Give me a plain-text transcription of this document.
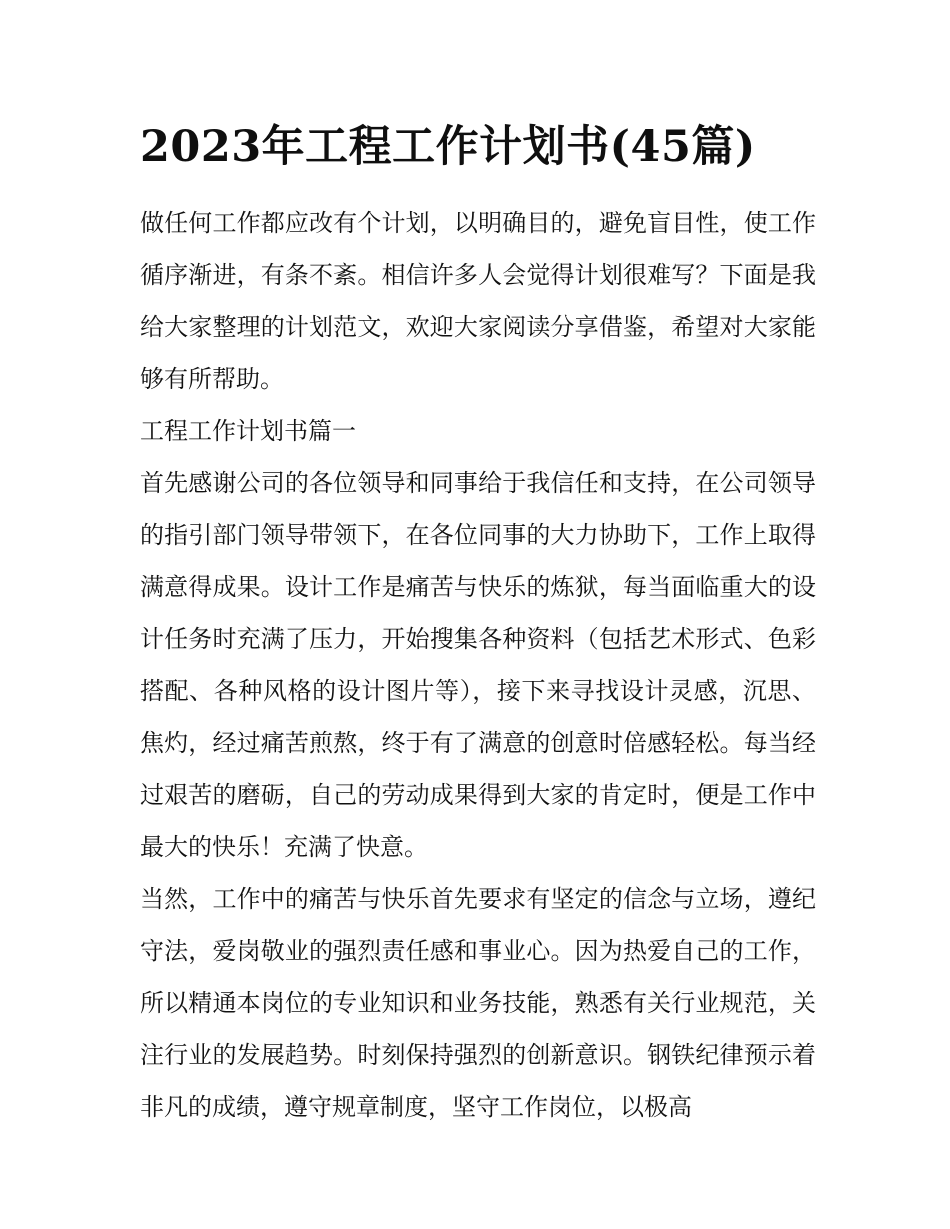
2023年工程工作计划书(45篇)

做任何工作都应改有个计划，以明确目的，避免盲目性，使工作循序渐进，有条不紊。相信许多人会觉得计划很难写？下面是我给大家整理的计划范文，欢迎大家阅读分享借鉴，希望对大家能够有所帮助。

工程工作计划书篇一

首先感谢公司的各位领导和同事给于我信任和支持，在公司领导的指引部门领导带领下，在各位同事的大力协助下，工作上取得满意得成果。设计工作是痛苦与快乐的炼狱，每当面临重大的设计任务时充满了压力，开始搜集各种资料（包括艺术形式、色彩搭配、各种风格的设计图片等），接下来寻找设计灵感，沉思、焦灼，经过痛苦煎熬，终于有了满意的创意时倍感轻松。每当经过艰苦的磨砺，自己的劳动成果得到大家的肯定时，便是工作中最大的快乐！充满了快意。

当然，工作中的痛苦与快乐首先要求有坚定的信念与立场，遵纪守法，爱岗敬业的强烈责任感和事业心。因为热爱自己的工作，所以精通本岗位的专业知识和业务技能，熟悉有关行业规范，关注行业的发展趋势。时刻保持强烈的创新意识。钢铁纪律预示着非凡的成绩，遵守规章制度，坚守工作岗位，以极高
